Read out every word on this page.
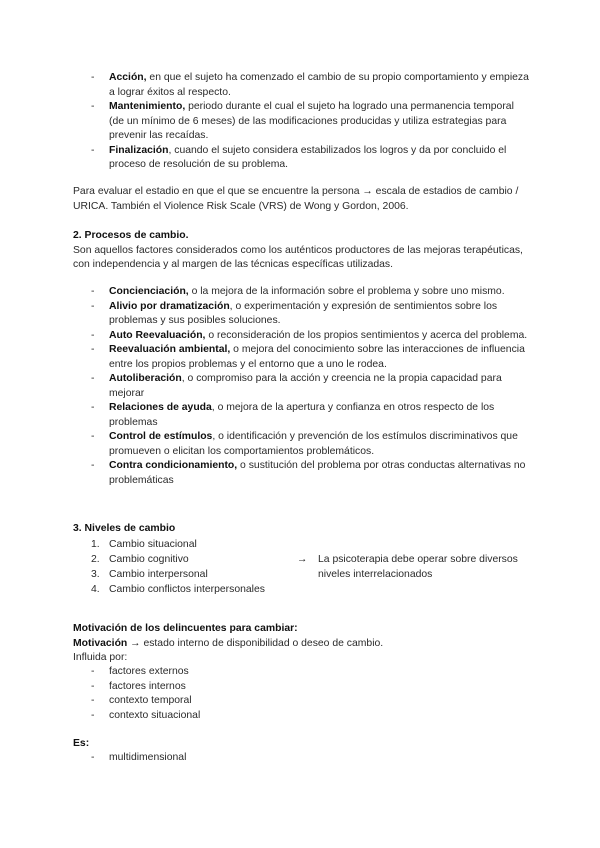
- Acción, en que el sujeto ha comenzado el cambio de su propio comportamiento y empieza a lograr éxitos al respecto.
- Mantenimiento, periodo durante el cual el sujeto ha logrado una permanencia temporal (de un mínimo de 6 meses) de las modificaciones producidas y utiliza estrategias para prevenir las recaídas.
- Finalización, cuando el sujeto considera estabilizados los logros y da por concluido el proceso de resolución de su problema.
Para evaluar el estadio en que el que se encuentre la persona → escala de estadios de cambio / URICA. También el Violence Risk Scale (VRS) de Wong y Gordon, 2006.
2. Procesos de cambio.
Son aquellos factores considerados como los auténticos productores de las mejoras terapéuticas, con independencia y al margen de las técnicas específicas utilizadas.
- Concienciación, o la mejora de la información sobre el problema y sobre uno mismo.
- Alivio por dramatización, o experimentación y expresión de sentimientos sobre los problemas y sus posibles soluciones.
- Auto Reevaluación, o reconsideración de los propios sentimientos y acerca del problema.
- Reevaluación ambiental, o mejora del conocimiento sobre las interacciones de influencia entre los propios problemas y el entorno que a uno le rodea.
- Autoliberación, o compromiso para la acción y creencia ne la propia capacidad para mejorar
- Relaciones de ayuda, o mejora de la apertura y confianza en otros respecto de los problemas
- Control de estímulos, o identificación y prevención de los estímulos discriminativos que promueven o elicitan los comportamientos problemáticos.
- Contra condicionamiento, o sustitución del problema por otras conductas alternativas no problemáticas
3. Niveles de cambio
1. Cambio situacional
2. Cambio cognitivo
3. Cambio interpersonal
4. Cambio conflictos interpersonales
→	La psicoterapia debe operar sobre diversos niveles interrelacionados
Motivación de los delincuentes para cambiar:
Motivación → estado interno de disponibilidad o deseo de cambio.
Influida por:
- factores externos
- factores internos
- contexto temporal
- contexto situacional
Es:
- multidimensional
